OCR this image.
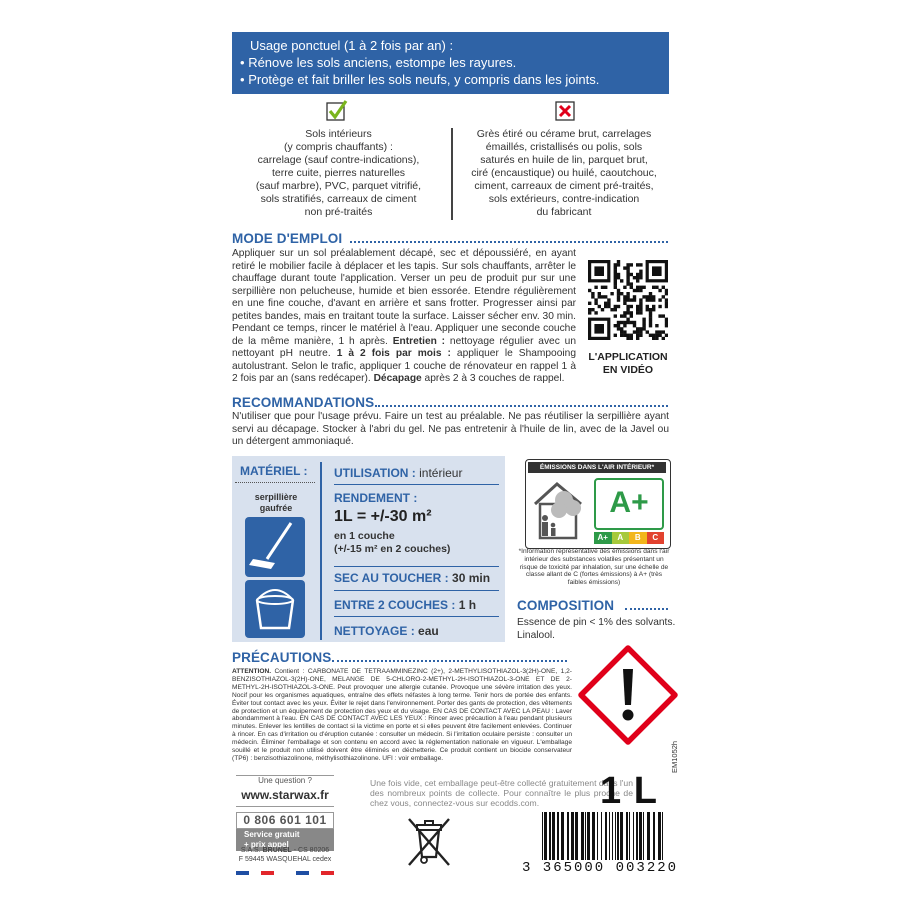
Usage ponctuel (1 à 2 fois par an) :
• Rénove les sols anciens, estompe les rayures.
• Protège et fait briller les sols neufs, y compris dans les joints.
Sols intérieurs
(y compris chauffants) :
carrelage (sauf contre-indications),
terre cuite, pierres naturelles
(sauf marbre), PVC, parquet vitrifié,
sols stratifiés, carreaux de ciment
non pré-traités
Grès étiré ou cérame brut, carrelages
émaillés, cristallisés ou polis, sols
saturés en huile de lin, parquet brut,
ciré (encaustique) ou huilé, caoutchouc,
ciment, carreaux de ciment pré-traités,
sols extérieurs, contre-indication
du fabricant
MODE D'EMPLOI
Appliquer sur un sol préalablement décapé, sec et dépoussiéré, en ayant retiré le mobilier facile à déplacer et les tapis. Sur sols chauffants, arrêter le chauffage durant toute l'application. Verser un peu de produit pur sur une serpillière non pelucheuse, humide et bien essorée. Etendre régulièrement en une fine couche, d'avant en arrière et sans frotter. Progresser ainsi par petites bandes, mais en traitant toute la surface. Laisser sécher env. 30 min. Pendant ce temps, rincer le matériel à l'eau. Appliquer une seconde couche de la même manière, 1 h après. Entretien : nettoyage régulier avec un nettoyant pH neutre. 1 à 2 fois par mois : appliquer le Shampooing autolustrant. Selon le trafic, appliquer 1 couche de rénovateur en rappel 1 à 2 fois par an (sans redécaper). Décapage après 2 à 3 couches de rappel.
L'APPLICATION
EN VIDÉO
RECOMMANDATIONS
N'utiliser que pour l'usage prévu. Faire un test au préalable. Ne pas réutiliser la serpillière ayant servi au décapage. Stocker à l'abri du gel. Ne pas entretenir à l'huile de lin, avec de la Javel ou un détergent ammoniaqué.
MATÉRIEL :
serpillière
gaufrée
UTILISATION : intérieur
RENDEMENT :
1L = +/-30 m²
en 1 couche
(+/-15 m² en 2 couches)
SEC AU TOUCHER : 30 min
ENTRE 2 COUCHES : 1 h
NETTOYAGE : eau
ÉMISSIONS DANS L'AIR INTÉRIEUR*
A+
A+	A	B	C
*Information représentative des émissions dans l'air intérieur des substances volatiles présentant un risque de toxicité par inhalation, sur une échelle de classe allant de C (fortes émissions) à A+ (très faibles émissions)
COMPOSITION
Essence de pin < 1% des solvants.
Linalool.
PRÉCAUTIONS
ATTENTION. Contient : CARBONATE DE TETRAAMMINEZINC (2+), 2-METHYLISOTHIAZOL-3(2H)-ONE, 1,2-BENZISOTHIAZOL-3(2H)-ONE, MELANGE DE 5-CHLORO-2-METHYL-2H-ISOTHIAZOL-3-ONE ET DE 2-METHYL-2H-ISOTHIAZOL-3-ONE. Peut provoquer une allergie cutanée. Provoque une sévère irritation des yeux. Nocif pour les organismes aquatiques, entraîne des effets néfastes à long terme. Tenir hors de portée des enfants. Éviter tout contact avec les yeux. Éviter le rejet dans l'environnement. Porter des gants de protection, des vêtements de protection et un équipement de protection des yeux et du visage. EN CAS DE CONTACT AVEC LA PEAU : Laver abondamment à l'eau. EN CAS DE CONTACT AVEC LES YEUX : Rincer avec précaution à l'eau pendant plusieurs minutes. Enlever les lentilles de contact si la victime en porte et si elles peuvent être facilement enlevées. Continuer à rincer. En cas d'irritation ou d'éruption cutanée : consulter un médecin. Si l'irritation oculaire persiste : consulter un médecin. Éliminer l'emballage et son contenu en accord avec la réglementation nationale en vigueur. L'emballage souillé et le produit non utilisé doivent être éliminés en déchetterie. Ce produit contient un biocide conservateur (TP6) : benzisothiazolinone, méthylisothiazolinone. UFI : voir emballage.	EM1052h
Une question ?
www.starwax.fr
0 806 601 101
Service gratuit
+ prix appel
S.A.S. BRUNEL - CS 80206
F 59445 WASQUEHAL cedex
Une fois vide, cet emballage peut-être collecté gratuitement dans l'un des nombreux points de collecte. Pour connaître le plus proche de chez vous, connectez-vous sur ecodds.com.	1 L
3 365000 003220
